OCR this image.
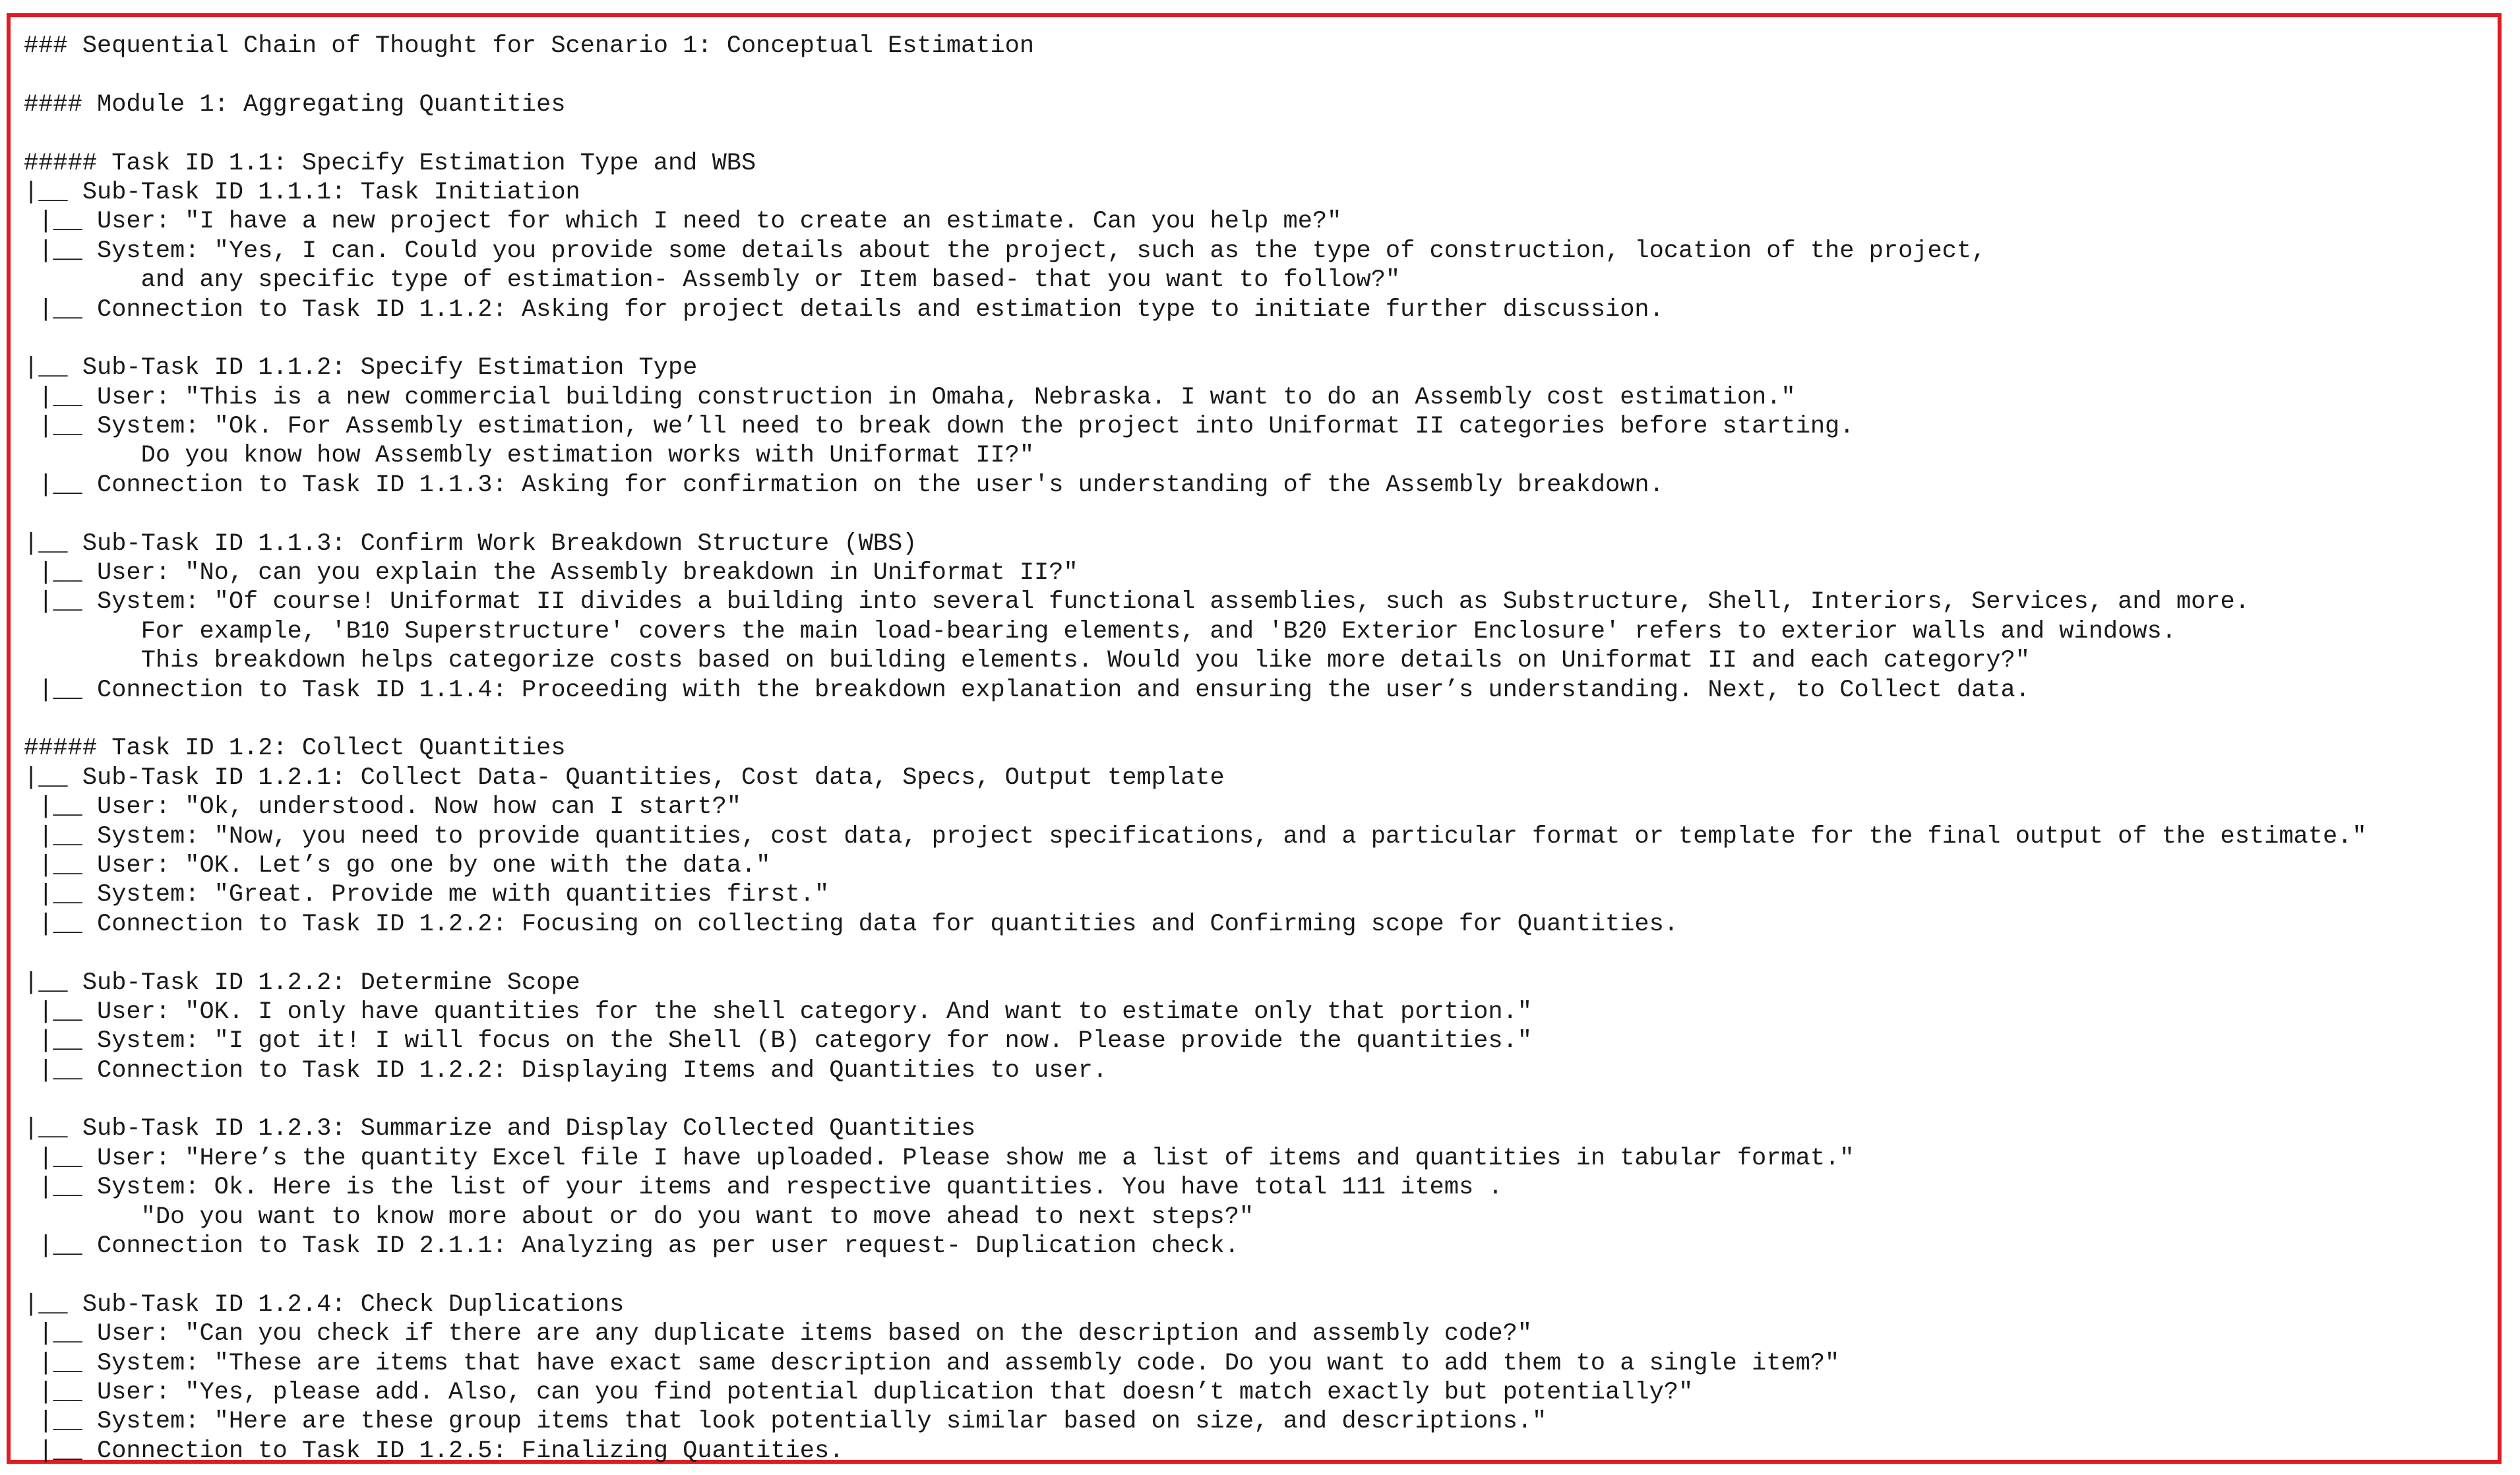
### Sequential Chain of Thought for Scenario 1: Conceptual Estimation
#### Module 1: Aggregating Quantities
##### Task ID 1.1: Specify Estimation Type and WBS
|__ Sub-Task ID 1.1.1: Task Initiation
|__ User: "I have a new project for which I need to create an estimate. Can you help me?"
|__ System: "Yes, I can. Could you provide some details about the project, such as the type of construction, location of the project,
and any specific type of estimation- Assembly or Item based- that you want to follow?"
|__ Connection to Task ID 1.1.2: Asking for project details and estimation type to initiate further discussion.
|__ Sub-Task ID 1.1.2: Specify Estimation Type
|__ User: "This is a new commercial building construction in Omaha, Nebraska. I want to do an Assembly cost estimation."
|__ System: "Ok. For Assembly estimation, we’ll need to break down the project into Uniformat II categories before starting.
Do you know how Assembly estimation works with Uniformat II?"
|__ Connection to Task ID 1.1.3: Asking for confirmation on the user's understanding of the Assembly breakdown.
|__ Sub-Task ID 1.1.3: Confirm Work Breakdown Structure (WBS)
|__ User: "No, can you explain the Assembly breakdown in Uniformat II?"
|__ System: "Of course! Uniformat II divides a building into several functional assemblies, such as Substructure, Shell, Interiors, Services, and more.
For example, 'B10 Superstructure' covers the main load-bearing elements, and 'B20 Exterior Enclosure' refers to exterior walls and windows.
This breakdown helps categorize costs based on building elements. Would you like more details on Uniformat II and each category?"
|__ Connection to Task ID 1.1.4: Proceeding with the breakdown explanation and ensuring the user’s understanding. Next, to Collect data.
##### Task ID 1.2: Collect Quantities
|__ Sub-Task ID 1.2.1: Collect Data- Quantities, Cost data, Specs, Output template
|__ User: "Ok, understood. Now how can I start?"
|__ System: "Now, you need to provide quantities, cost data, project specifications, and a particular format or template for the final output of the estimate."
|__ User: "OK. Let’s go one by one with the data."
|__ System: "Great. Provide me with quantities first."
|__ Connection to Task ID 1.2.2: Focusing on collecting data for quantities and Confirming scope for Quantities.
|__ Sub-Task ID 1.2.2: Determine Scope
|__ User: "OK. I only have quantities for the shell category. And want to estimate only that portion."
|__ System: "I got it! I will focus on the Shell (B) category for now. Please provide the quantities."
|__ Connection to Task ID 1.2.2: Displaying Items and Quantities to user.
|__ Sub-Task ID 1.2.3: Summarize and Display Collected Quantities
|__ User: "Here’s the quantity Excel file I have uploaded. Please show me a list of items and quantities in tabular format."
|__ System: Ok. Here is the list of your items and respective quantities. You have total 111 items .
"Do you want to know more about or do you want to move ahead to next steps?"
|__ Connection to Task ID 2.1.1: Analyzing as per user request- Duplication check.
|__ Sub-Task ID 1.2.4: Check Duplications
|__ User: "Can you check if there are any duplicate items based on the description and assembly code?"
|__ System: "These are items that have exact same description and assembly code. Do you want to add them to a single item?"
|__ User: "Yes, please add. Also, can you find potential duplication that doesn’t match exactly but potentially?"
|__ System: "Here are these group items that look potentially similar based on size, and descriptions."
|__ Connection to Task ID 1.2.5: Finalizing Quantities.
